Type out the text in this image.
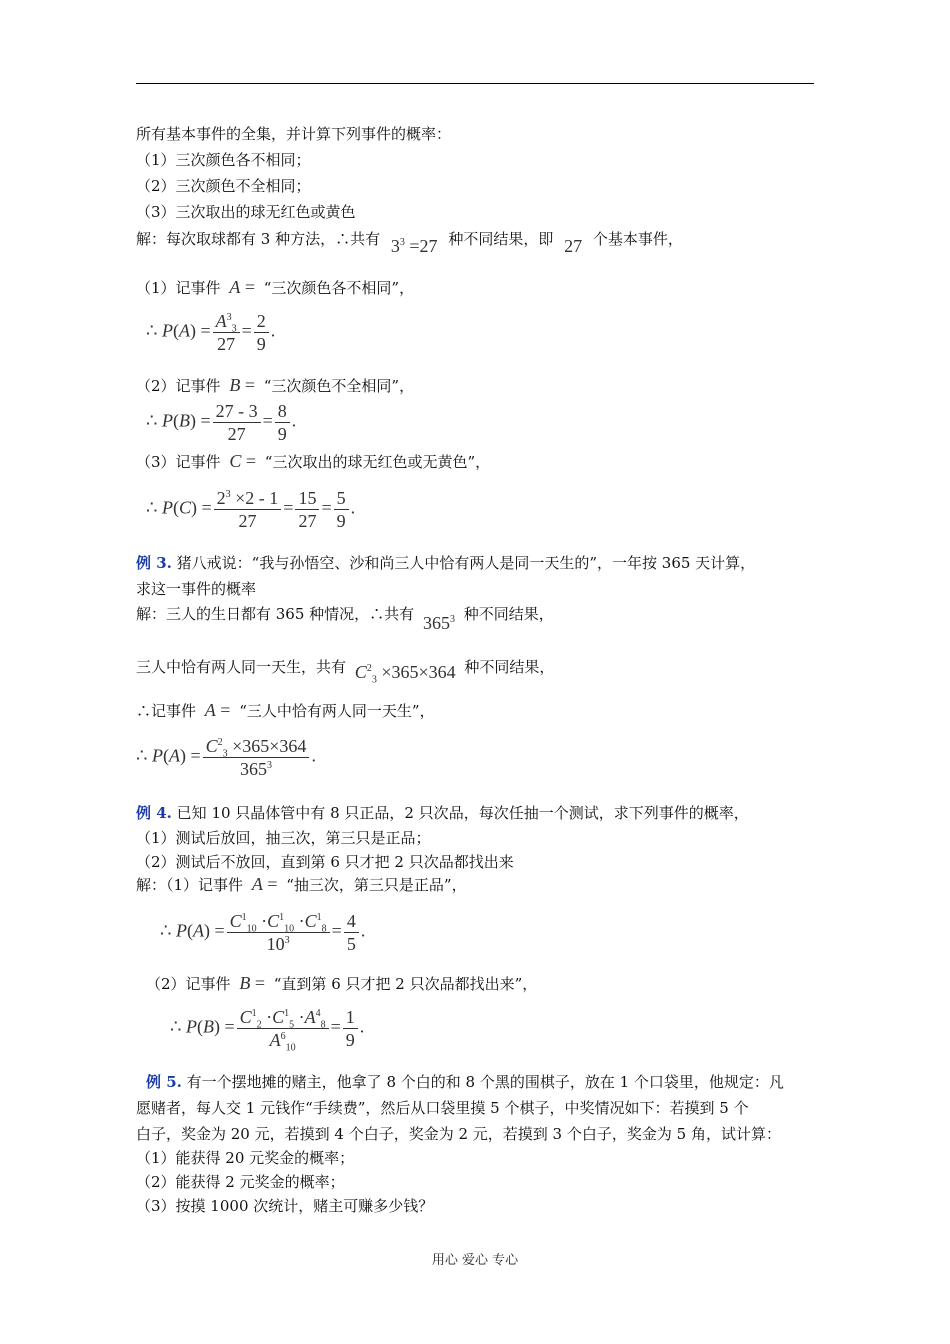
所有基本事件的全集，并计算下列事件的概率：
（1）三次颜色各不相同；
（2）三次颜色不全相同；
（3）三次取出的球无红色或黄色
解：每次取球都有 3 种方法，∴共有 $3^3 =27$ 种不同结果，即 27 个基本事件，
（1）记事件 A = “三次颜色各不相同”，
∴ $P(A) = \frac{A^3_3}{27} = \frac{2}{9}$ .
（2）记事件 B = “三次颜色不全相同”，
∴ $P(B) = \frac{27 - 3}{27} = \frac{8}{9}$ .
（3）记事件 C = “三次取出的球无红色或无黄色”，
∴ $P(C) = \frac{2^3 \times 2 - 1}{27} = \frac{15}{27} = \frac{5}{9}$ .
例 3. 猪八戒说：“我与孙悟空、沙和尚三人中恰有两人是同一天生的”，一年按 365 天计算，
求这一事件的概率
解：三人的生日都有 365 种情况，∴共有 $365^3$ 种不同结果，
三人中恰有两人同一天生，共有 $C^2_3 \times 365\times 364$ 种不同结果，
∴记事件 A = “三人中恰有两人同一天生”，
∴ $P(A) = \frac{C^2_3 \times 365\times 364}{365^3}$ .
例 4. 已知 10 只晶体管中有 8 只正品，2 只次品，每次任抽一个测试，求下列事件的概率，
（1）测试后放回，抽三次，第三只是正品；
（2）测试后不放回，直到第 6 只才把 2 只次品都找出来
解：（1）记事件 A = “抽三次，第三只是正品”，
∴ $P(A) = \frac{C^1_{10} \cdot C^1_{10} \cdot C^1_8}{10^3} = \frac{4}{5}$ .
（2）记事件 B = “直到第 6 只才把 2 只次品都找出来”，
∴ $P(B) = \frac{C^1_2 \cdot C^1_5 \cdot A^4_8}{A^6_{10}} = \frac{1}{9}$ .
例 5. 有一个摆地摊的赌主，他拿了 8 个白的和 8 个黑的围棋子，放在 1 个口袋里，他规定：凡
愿赌者，每人交 1 元钱作“手续费”，然后从口袋里摸 5 个棋子，中奖情况如下：若摸到 5 个
白子，奖金为 20 元，若摸到 4 个白子，奖金为 2 元，若摸到 3 个白子，奖金为 5 角，试计算：
（1）能获得 20 元奖金的概率；
（2）能获得 2 元奖金的概率；
（3）按摸 1000 次统计，赌主可赚多少钱？
用心 爱心 专心
